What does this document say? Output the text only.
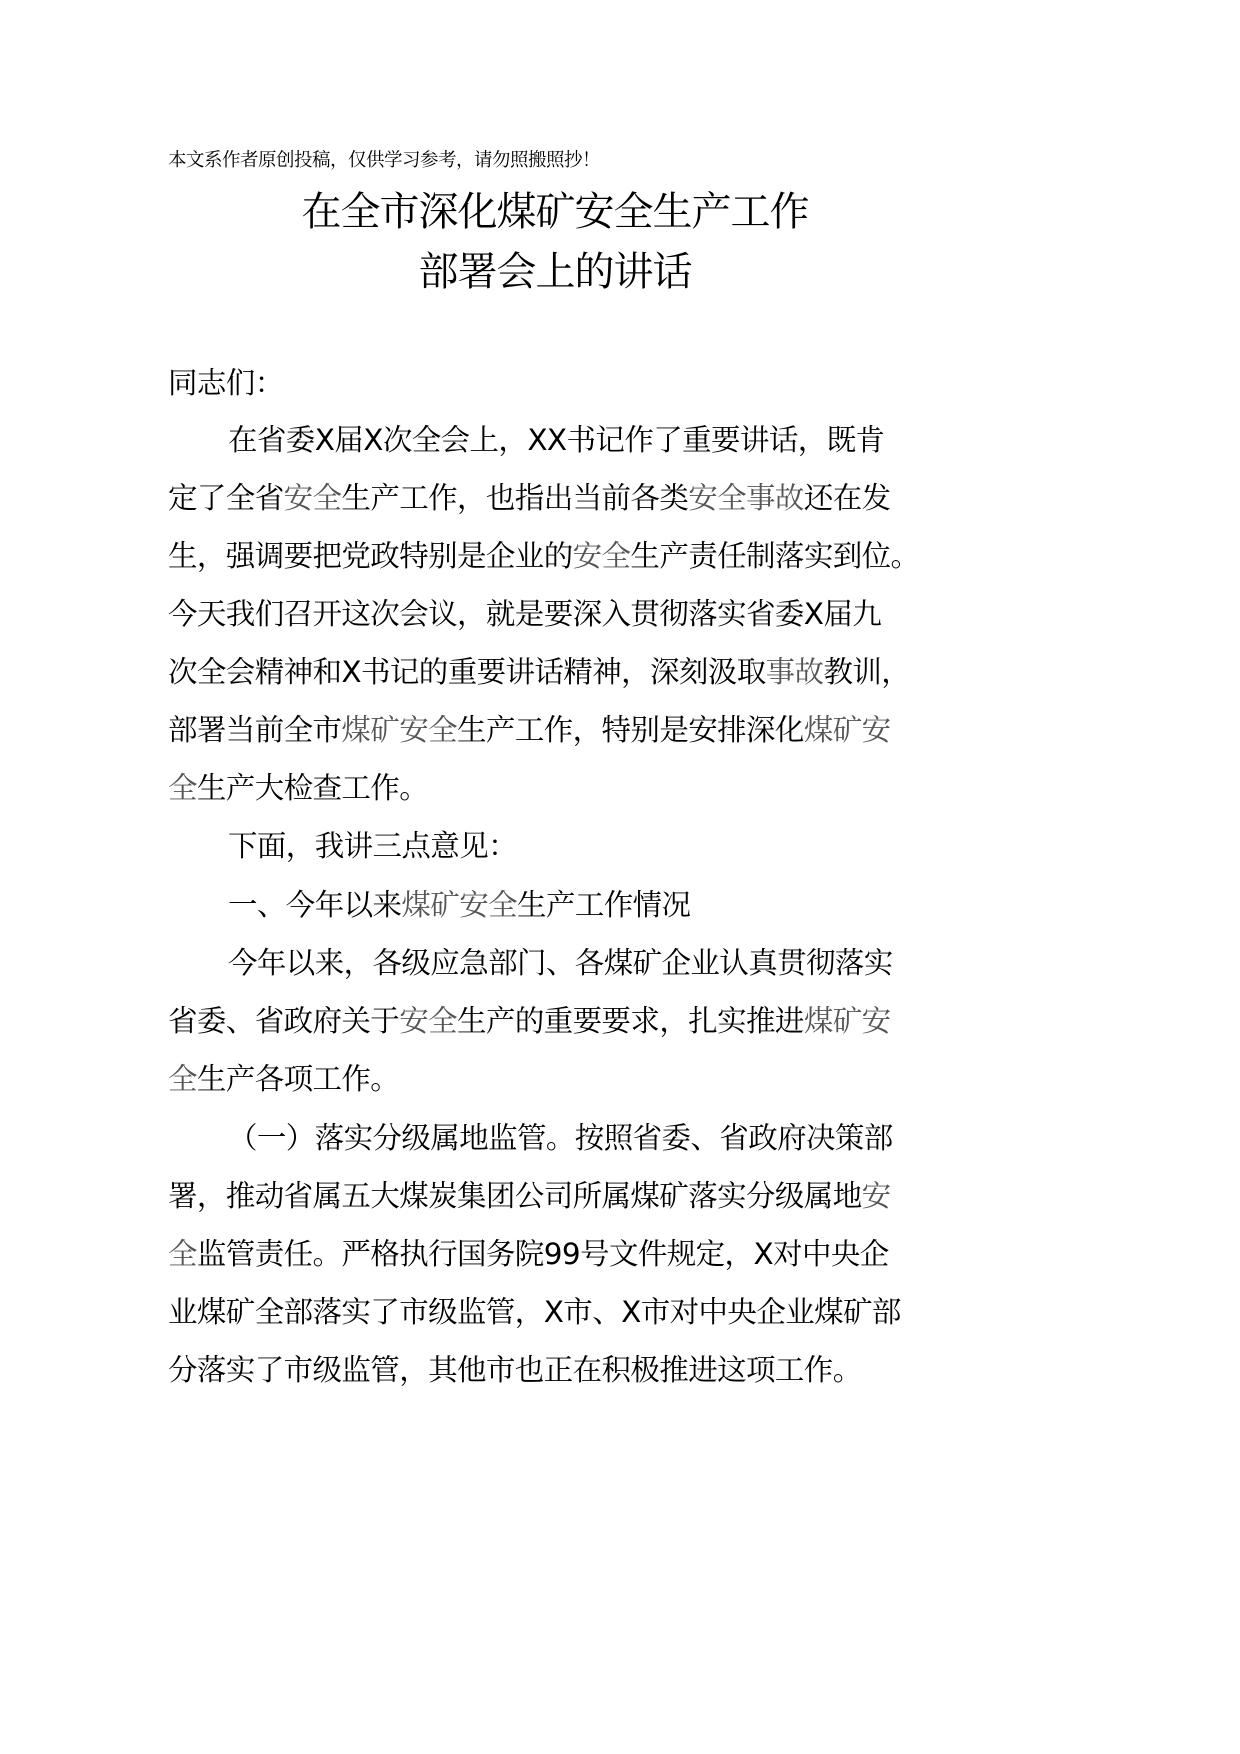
本文系作者原创投稿，仅供学习参考，请勿照搬照抄！
在全市深化煤矿安全生产工作
部署会上的讲话
同志们：
在省委X届X次全会上，XX书记作了重要讲话，既肯
定了全省安全生产工作，也指出当前各类安全事故还在发
生，强调要把党政特别是企业的安全生产责任制落实到位。
今天我们召开这次会议，就是要深入贯彻落实省委X届九
次全会精神和X书记的重要讲话精神，深刻汲取事故教训，
部署当前全市煤矿安全生产工作，特别是安排深化煤矿安
全生产大检查工作。
下面，我讲三点意见：
一、今年以来煤矿安全生产工作情况
今年以来，各级应急部门、各煤矿企业认真贯彻落实
省委、省政府关于安全生产的重要要求，扎实推进煤矿安
全生产各项工作。
（一）落实分级属地监管。按照省委、省政府决策部
署，推动省属五大煤炭集团公司所属煤矿落实分级属地安
全监管责任。严格执行国务院99号文件规定，X对中央企
业煤矿全部落实了市级监管，X市、X市对中央企业煤矿部
分落实了市级监管，其他市也正在积极推进这项工作。
